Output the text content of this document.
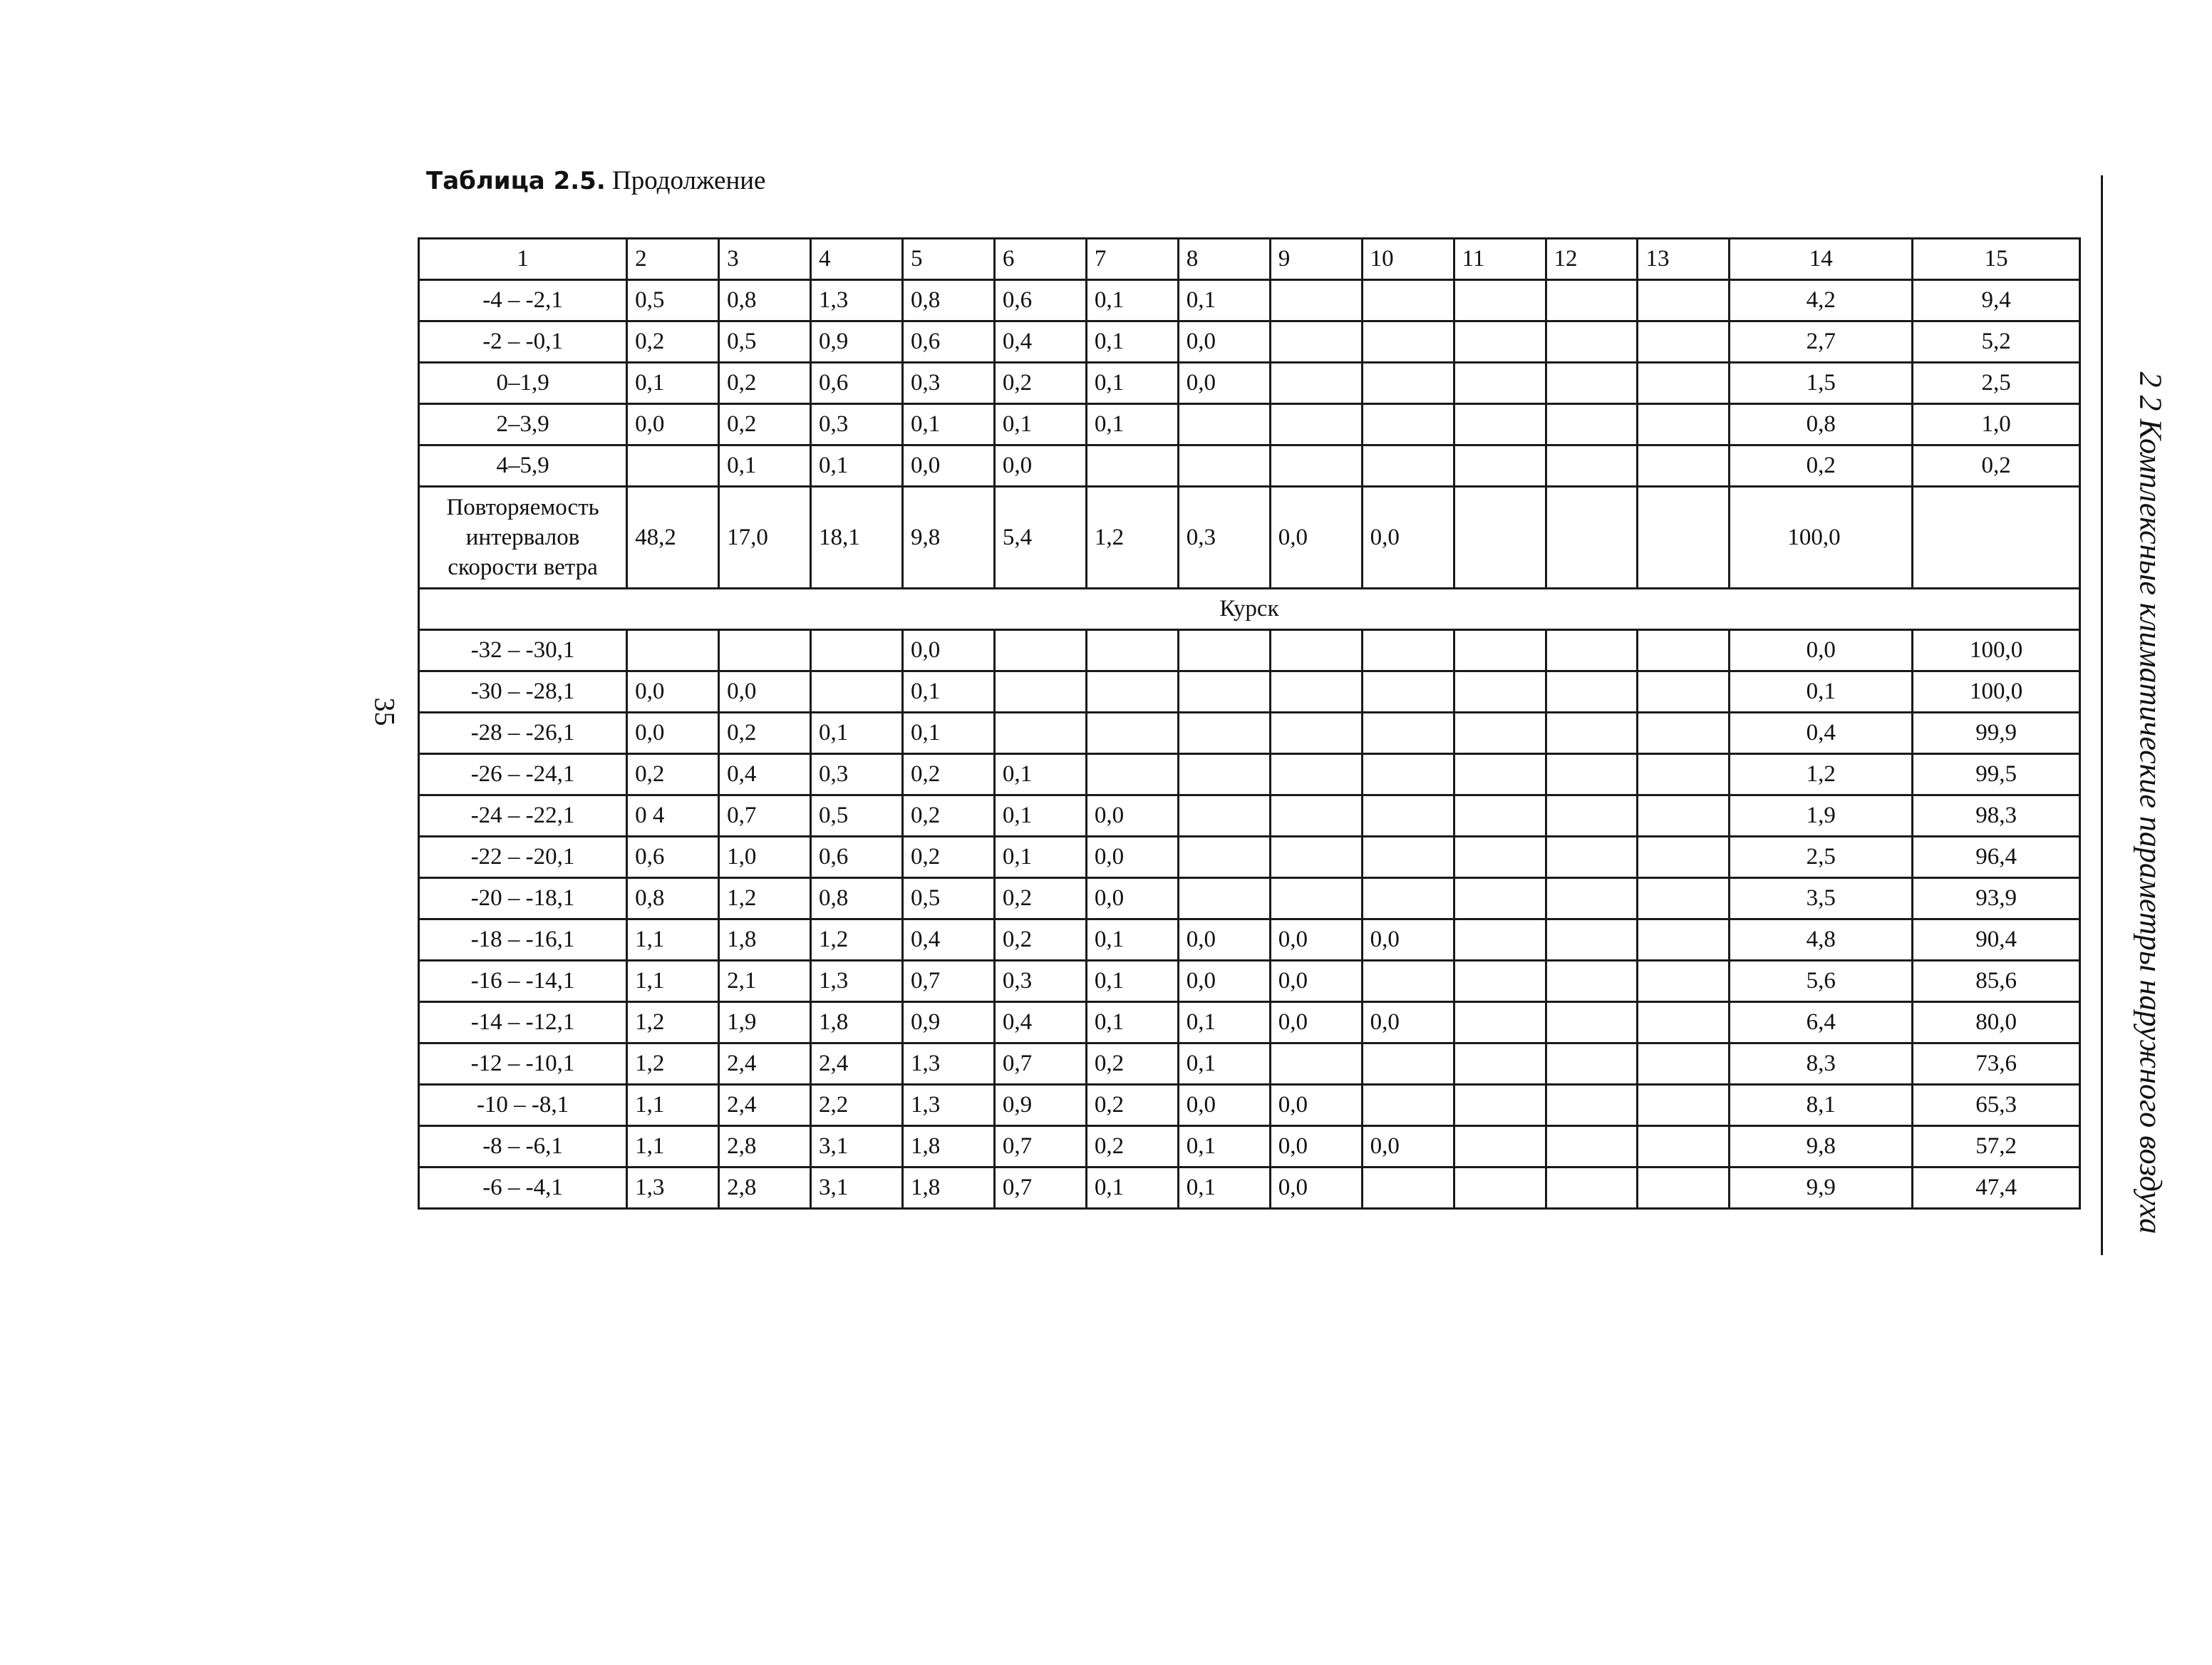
Таблица 2.5. Продолжение
35	2 2 Комплексные климатические параметры наружного воздуха
1	2	3	4	5	6	7	8	9	10	11	12	13	14	15
-4 – -2,1	0,5	0,8	1,3	0,8	0,6	0,1	0,1						4,2	9,4
-2 – -0,1	0,2	0,5	0,9	0,6	0,4	0,1	0,0						2,7	5,2
0–1,9	0,1	0,2	0,6	0,3	0,2	0,1	0,0						1,5	2,5
2–3,9	0,0	0,2	0,3	0,1	0,1	0,1							0,8	1,0
4–5,9		0,1	0,1	0,0	0,0								0,2	0,2
Повторяемость интервалов скорости ветра	48,2	17,0	18,1	9,8	5,4	1,2	0,3	0,0	0,0				100,0	
Курск														
-32 – -30,1				0,0									0,0	100,0
-30 – -28,1	0,0	0,0		0,1									0,1	100,0
-28 – -26,1	0,0	0,2	0,1	0,1									0,4	99,9
-26 – -24,1	0,2	0,4	0,3	0,2	0,1								1,2	99,5
-24 – -22,1	0 4	0,7	0,5	0,2	0,1	0,0							1,9	98,3
-22 – -20,1	0,6	1,0	0,6	0,2	0,1	0,0							2,5	96,4
-20 – -18,1	0,8	1,2	0,8	0,5	0,2	0,0							3,5	93,9
-18 – -16,1	1,1	1,8	1,2	0,4	0,2	0,1	0,0	0,0	0,0				4,8	90,4
-16 – -14,1	1,1	2,1	1,3	0,7	0,3	0,1	0,0	0,0					5,6	85,6
-14 – -12,1	1,2	1,9	1,8	0,9	0,4	0,1	0,1	0,0	0,0				6,4	80,0
-12 – -10,1	1,2	2,4	2,4	1,3	0,7	0,2	0,1						8,3	73,6
-10 – -8,1	1,1	2,4	2,2	1,3	0,9	0,2	0,0	0,0					8,1	65,3
-8 – -6,1	1,1	2,8	3,1	1,8	0,7	0,2	0,1	0,0	0,0				9,8	57,2
-6 – -4,1	1,3	2,8	3,1	1,8	0,7	0,1	0,1	0,0					9,9	47,4
